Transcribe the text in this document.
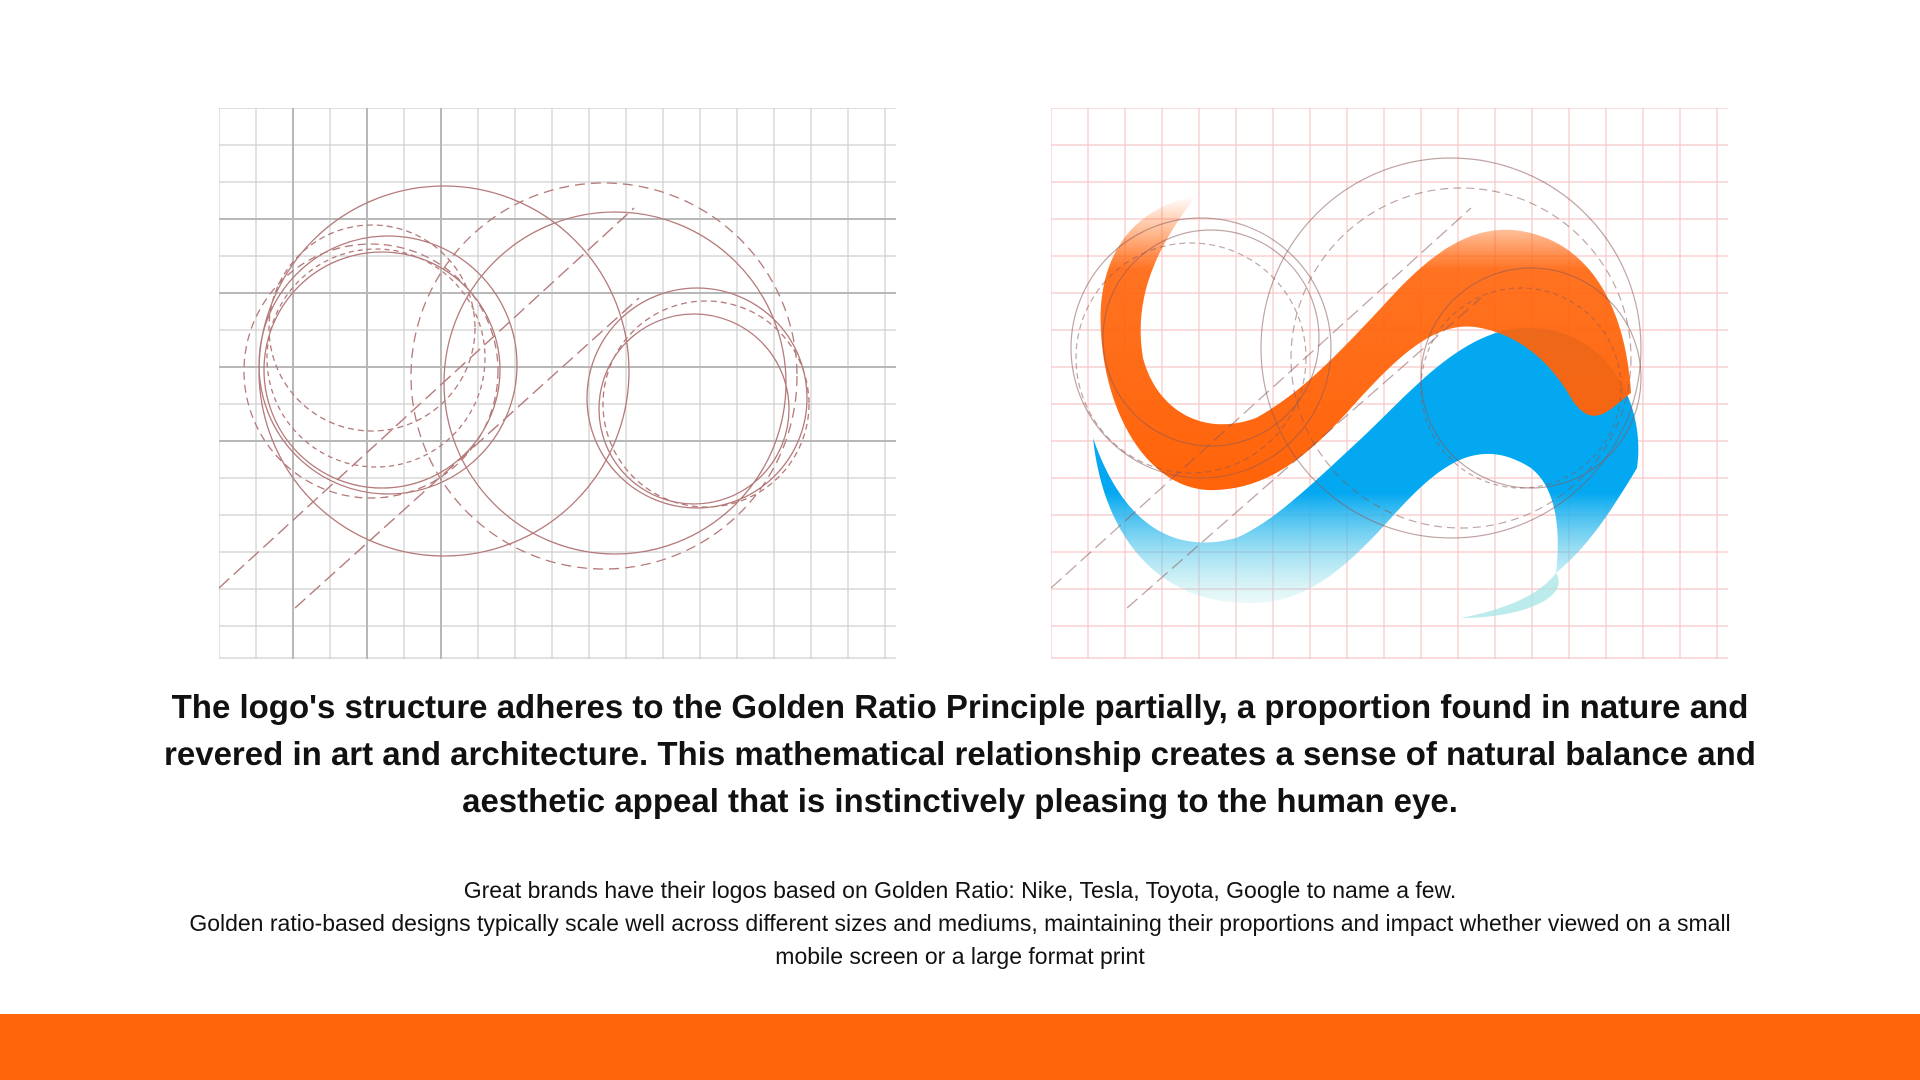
The logo's structure adheres to the Golden Ratio Principle partially, a proportion found in nature and revered in art and architecture. This mathematical relationship creates a sense of natural balance and aesthetic appeal that is instinctively pleasing to the human eye.

Great brands have their logos based on Golden Ratio: Nike, Tesla, Toyota, Google to name a few.

Golden ratio-based designs typically scale well across different sizes and mediums, maintaining their proportions and impact whether viewed on a small mobile screen or a large format print
